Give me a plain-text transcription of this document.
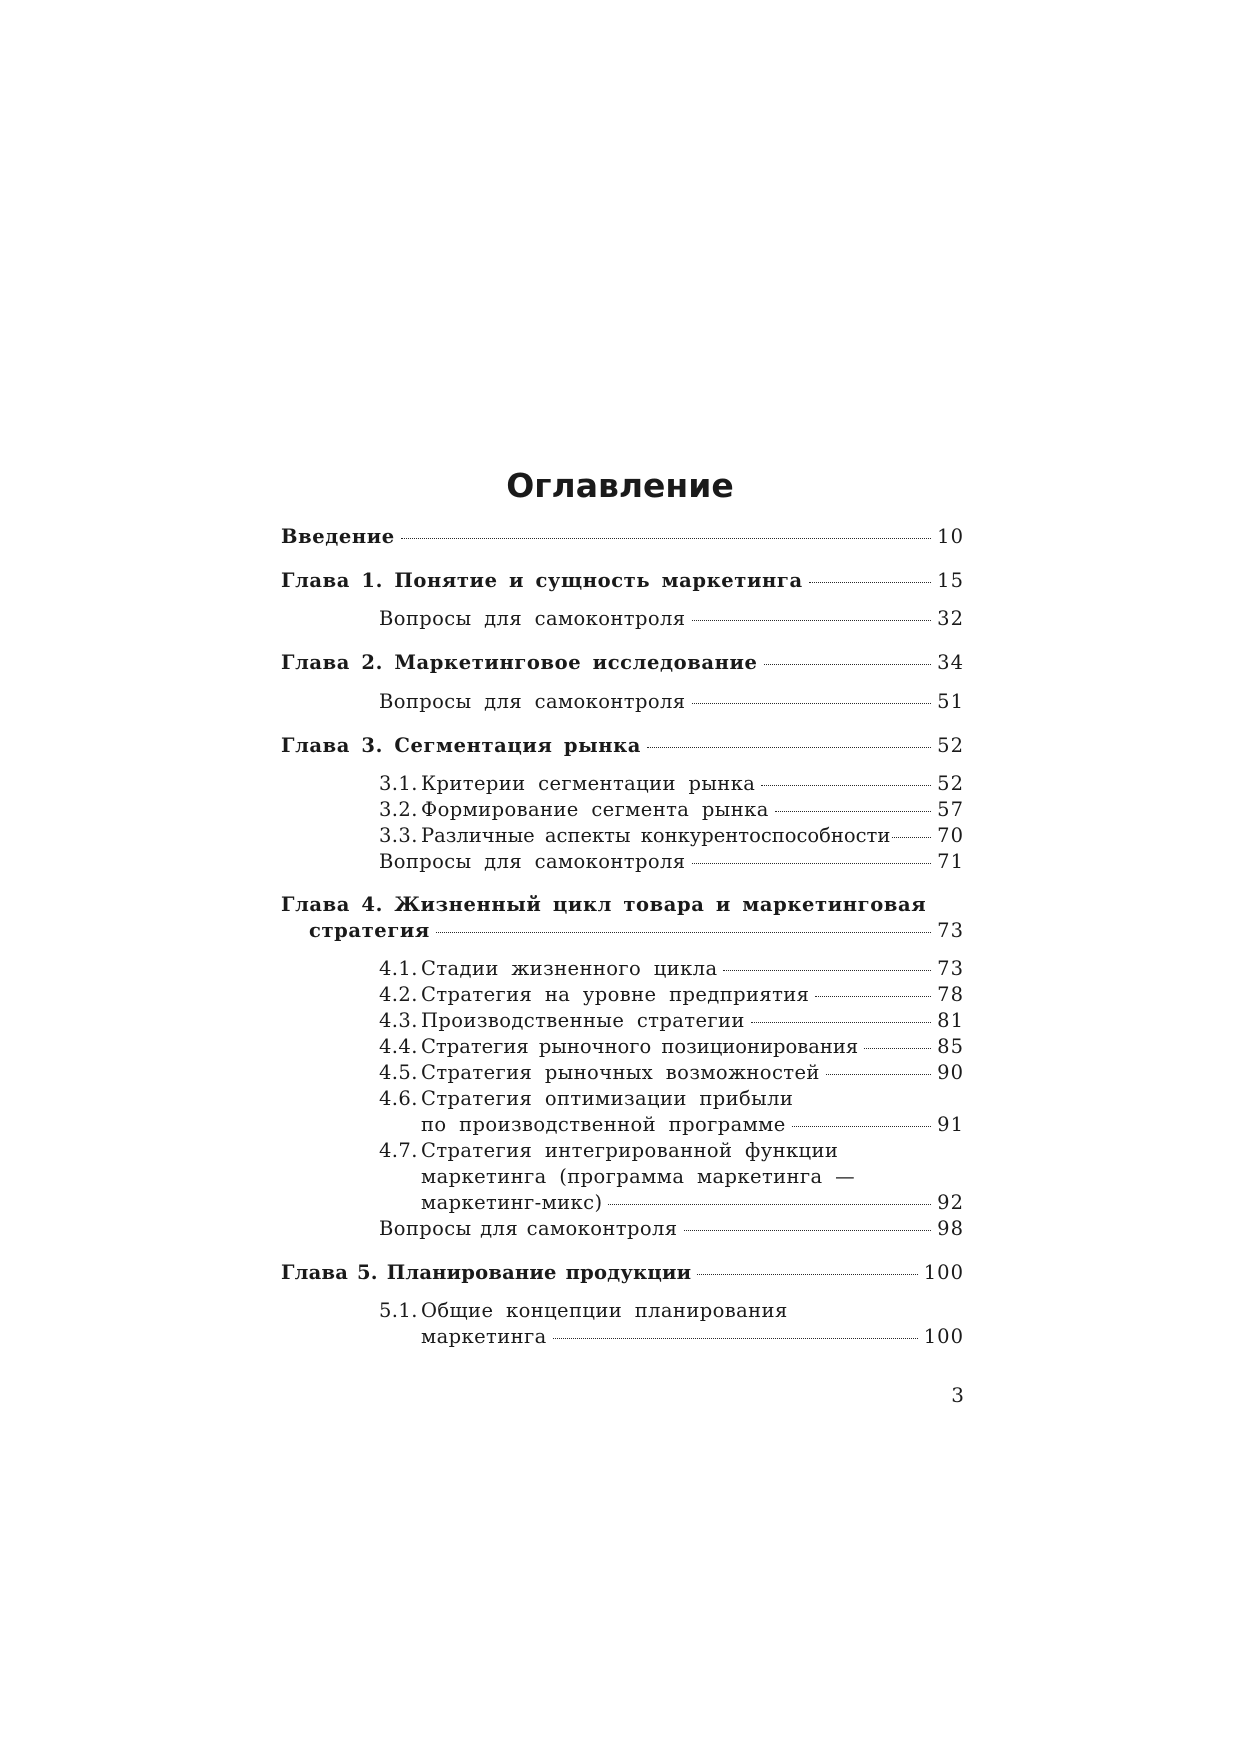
Оглавление
Введение	10
Глава 1. Понятие и сущность маркетинга	15
Вопросы для самоконтроля	32
Глава 2. Маркетинговое исследование	34
Вопросы для самоконтроля	51
Глава 3. Сегментация рынка	52
3.1. Критерии сегментации рынка	52
3.2. Формирование сегмента рынка	57
3.3. Различные аспекты конкурентоспособности 70
Вопросы для самоконтроля	71
Глава 4. Жизненный цикл товара и маркетинговая
стратегия	73
4.1. Стадии жизненного цикла	73
4.2. Стратегия на уровне предприятия	78
4.3. Производственные стратегии	81
4.4. Стратегия рыночного позиционирования	85
4.5. Стратегия рыночных возможностей	90
4.6. Стратегия оптимизации прибыли
по производственной программе	91
4.7. Стратегия интегрированной функции
маркетинга (программа маркетинга —
маркетинг-микс)	92
Вопросы для самоконтроля	98
Глава 5. Планирование продукции	100
5.1. Общие концепции планирования
маркетинга	100
3
